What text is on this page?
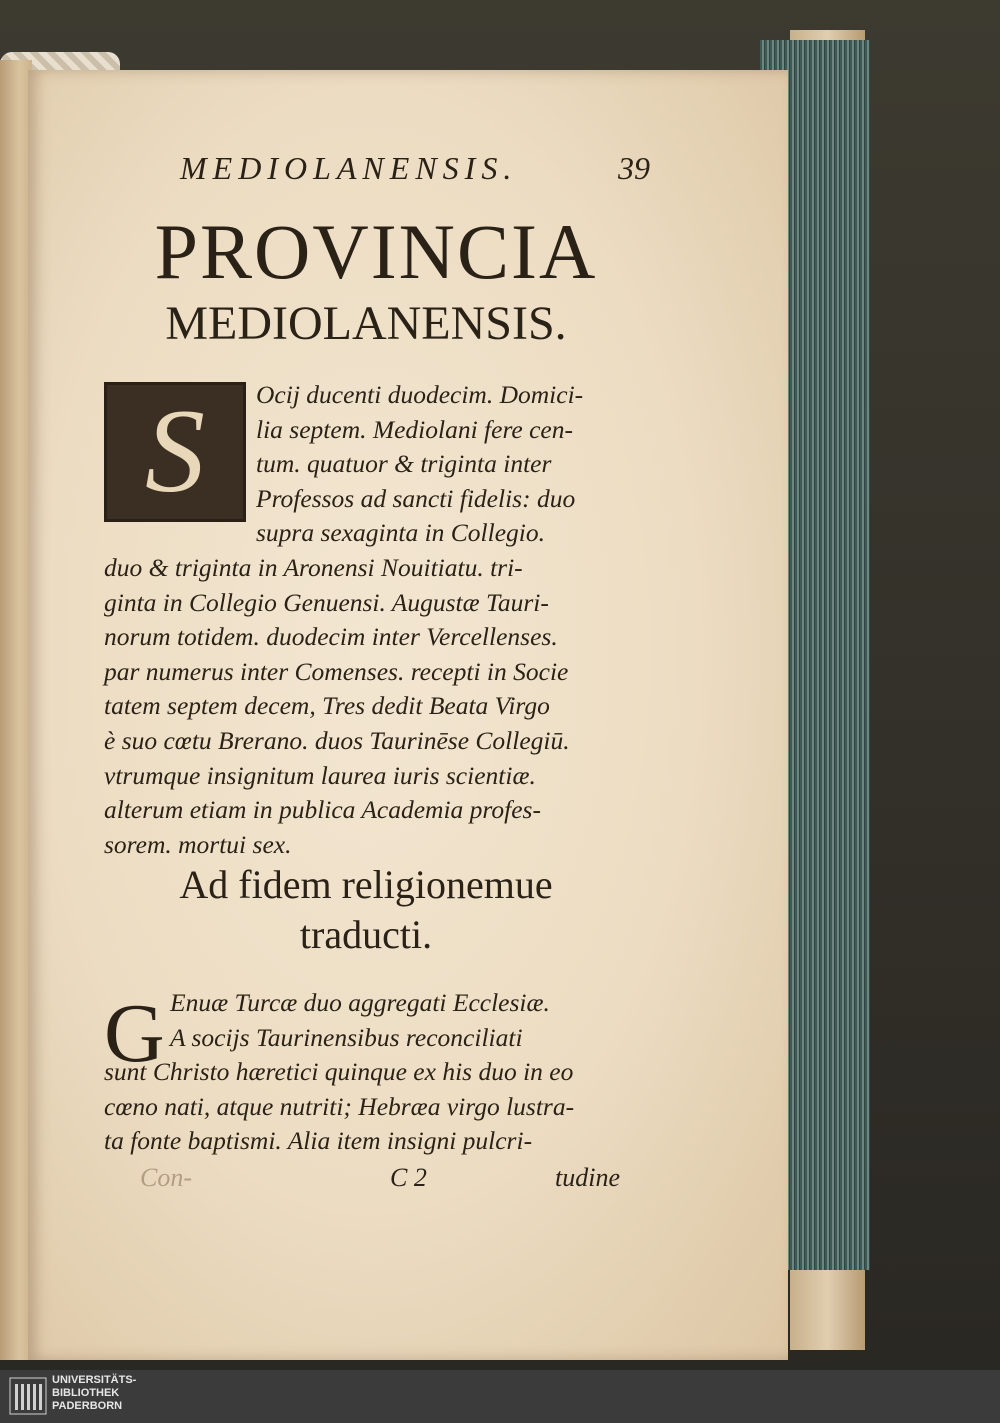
MEDIOLANENSIS.	39
PROVINCIA
MEDIOLANENSIS.
S	Ocij ducenti duodecim. Domici-
lia septem. Mediolani fere cen-
tum. quatuor & triginta inter
Professos ad sancti fidelis: duo
supra sexaginta in Collegio.
duo & triginta in Aronensi Nouitiatu. tri-
ginta in Collegio Genuensi. Augustæ Tauri-
norum totidem. duodecim inter Vercellenses.
par numerus inter Comenses. recepti in Socie
tatem septem decem, Tres dedit Beata Virgo
è suo cœtu Brerano. duos Taurinēse Collegiū.
vtrumque insignitum laurea iuris scientiæ.
alterum etiam in publica Academia profes-
sorem. mortui sex.
Ad fidem religionemue
traducti.
G Enuæ Turcæ duo aggregati Ecclesiæ.
A socijs Taurinensibus reconciliati
sunt Christo hæretici quinque ex his duo in eo
cœno nati, atque nutriti; Hebræa virgo lustra-
ta fonte baptismi. Alia item insigni pulcri-
Con-	C 2	tudine
UNIVERSITÄTS-
BIBLIOTHEK
PADERBORN
